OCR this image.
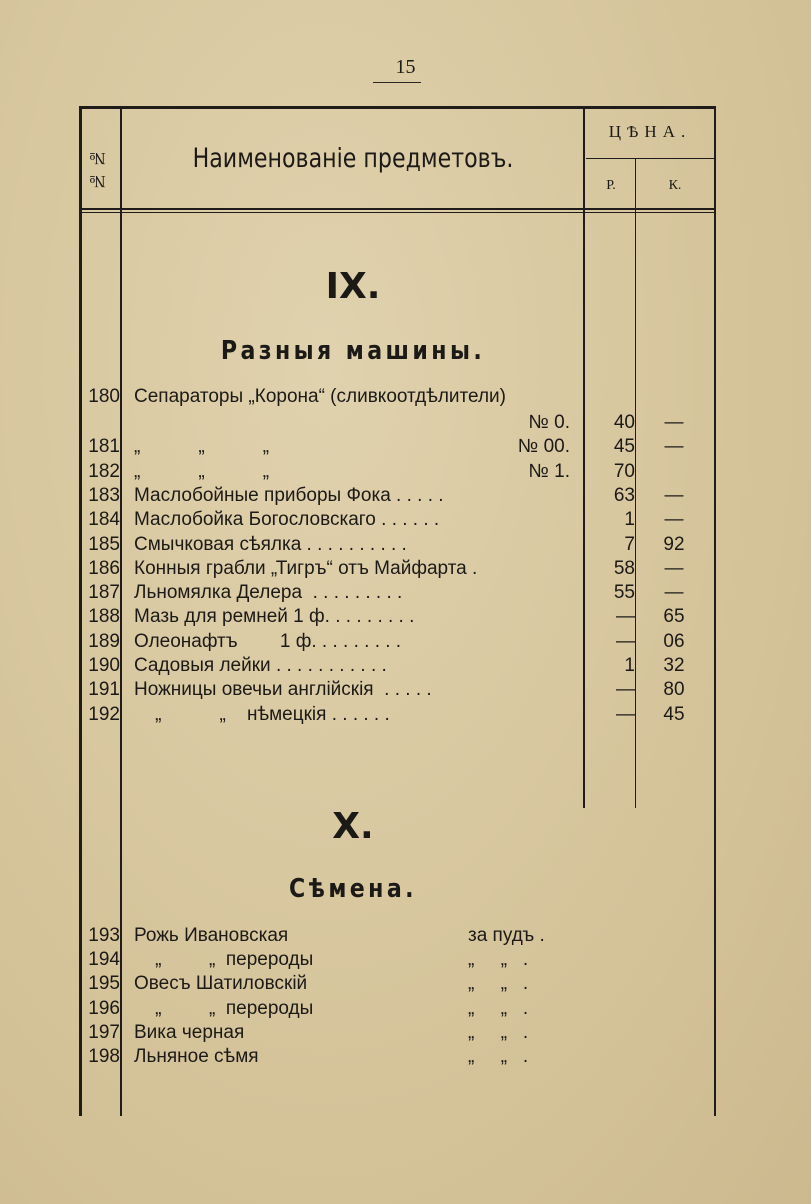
15
№ №	Наименованіе предметовъ.
ЦѢНА.
Р.	К.
IX.
Разныя машины.
180 Сепараторы „Корона“ (сливкоотдѣлители)
№ 0.	40	—
181 „           „           „	№ 00.	45	—
182 „           „           „	№ 1.	70
183 Маслобойные приборы Фока . . . . .	63	—
184 Маслобойка Богословскаго . . . . . .	1	—
185 Смычковая сѣялка . . . . . . . . . .	7	92
186 Конныя грабли „Тигръ“ отъ Майфарта .	58	—
187 Льномялка Делера  . . . . . . . . .	55	—
188 Мазь для ремней 1 ф. . . . . . . . .	—	65
189 Олеонафтъ        1 ф. . . . . . . . .	—	06
190 Садовыя лейки . . . . . . . . . . .	1	32
191 Ножницы овечьи англійскія  . . . . .	—	80
192 „           „    нѣмецкія . . . . . .	—	45
X.
Сѣмена.
193 Рожь Ивановская	за пудъ .
194 „         „  перероды	„     „   .
195 Овесъ Шатиловскій	„     „   .
196 „         „  перероды	„     „   .
197 Вика черная	„     „   .
198 Льняное сѣмя	„     „   .
